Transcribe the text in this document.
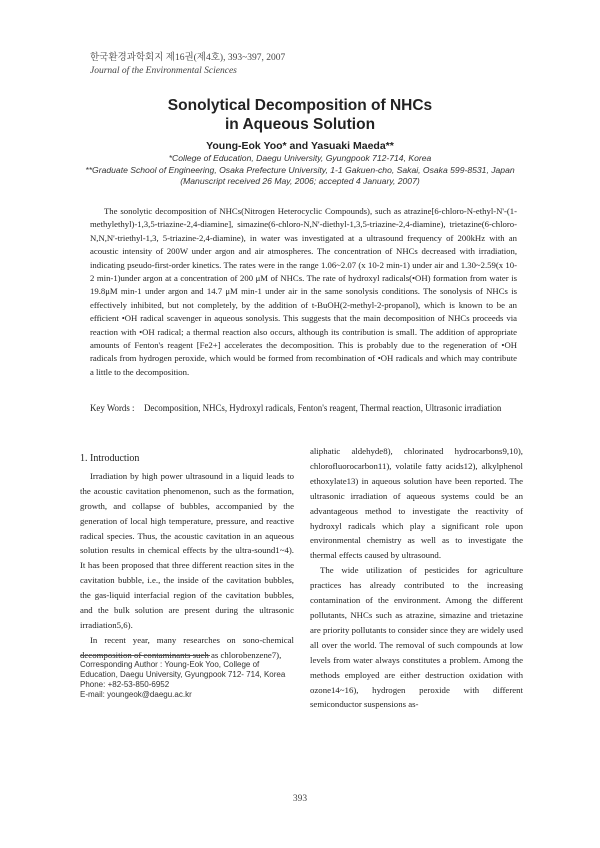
한국환경과학회지 제16권(제4호), 393~397, 2007
Journal of the Environmental Sciences
Sonolytical Decomposition of NHCs
in Aqueous Solution
Young-Eok Yoo* and Yasuaki Maeda**

*College of Education, Daegu University, Gyungpook 712-714, Korea

**Graduate School of Engineering, Osaka Prefecture University, 1-1 Gakuen-cho, Sakai, Osaka 599-8531, Japan

(Manuscript received 26 May, 2006; accepted 4 January, 2007)

The sonolytic decomposition of NHCs(Nitrogen Heterocyclic Compounds), such as atrazine[6-chloro-N-ethyl-N'-(1-methylethyl)-1,3,5-triazine-2,4-diamine], simazine(6-chloro-N,N'-diethyl-1,3,5-triazine-2,4-diamine), trietazine(6-chloro-N,N,N'-triethyl-1,3, 5-triazine-2,4-diamine), in water was investigated at a ultrasound frequency of 200kHz with an acoustic intensity of 200W under argon and air atmospheres. The concentration of NHCs decreased with irradiation, indicating pseudo-first-order kinetics. The rates were in the range 1.06~2.07 (x 10-2 min-1) under air and 1.30~2.59(x 10-2 min-1)under argon at a concentration of 200 μM of NHCs. The rate of hydroxyl radicals(•OH) formation from water is 19.8μM min-1 under argon and 14.7 μM min-1 under air in the same sonolysis conditions. The sonolysis of NHCs is effectively inhibited, but not completely, by the addition of t-BuOH(2-methyl-2-propanol), which is known to be an efficient •OH radical scavenger in aqueous sonolysis. This suggests that the main decomposition of NHCs proceeds via reaction with •OH radical; a thermal reaction also occurs, although its contribution is small. The addition of appropriate amounts of Fenton's reagent [Fe2+] accelerates the decomposition. This is probably due to the regeneration of •OH radicals from hydrogen peroxide, which would be formed from recombination of •OH radicals and which may contribute a little to the decomposition.

Key Words : Decomposition, NHCs, Hydroxyl radicals, Fenton's reagent, Thermal reaction, Ultrasonic irradiation

1. Introduction

Irradiation by high power ultrasound in a liquid leads to the acoustic cavitation phenomenon, such as the formation, growth, and collapse of bubbles, accompanied by the generation of local high temperature, pressure, and reactive radical species. Thus, the acoustic cavitation in an aqueous solution results in chemical effects by the ultra-sound1~4). It has been proposed that three different reaction sites in the cavitation bubble, i.e., the inside of the cavitation bubbles, the gas-liquid interfacial region of the cavitation bubbles, and the bulk solution are present during the ultrasonic irradiation5,6).

In recent year, many researches on sono-chemical decomposition of contaminants such as chlorobenzene7),

Corresponding Author : Young-Eok Yoo, College of Education, Daegu University, Gyungpook 712- 714, Korea

Phone: +82-53-850-6952

E-mail: youngeok@daegu.ac.kr

aliphatic aldehyde8), chlorinated hydrocarbons9,10), chlorofluorocarbon11), volatile fatty acids12), alkylphenol ethoxylate13) in aqueous solution have been reported. The ultrasonic irradiation of aqueous systems could be an advantageous method to investigate the reactivity of hydroxyl radicals which play a significant role upon environmental chemistry as well as to investigate the thermal effects caused by ultrasound.

The wide utilization of pesticides for agriculture practices has already contributed to the increasing contamination of the environment. Among the different pollutants, NHCs such as atrazine, simazine and trietazine are priority pollutants to consider since they are widely used all over the world. The removal of such compounds at low levels from water always constitutes a problem. Among the methods employed are either destruction oxidation with ozone14~16), hydrogen peroxide with different semiconductor suspensions as-

393
